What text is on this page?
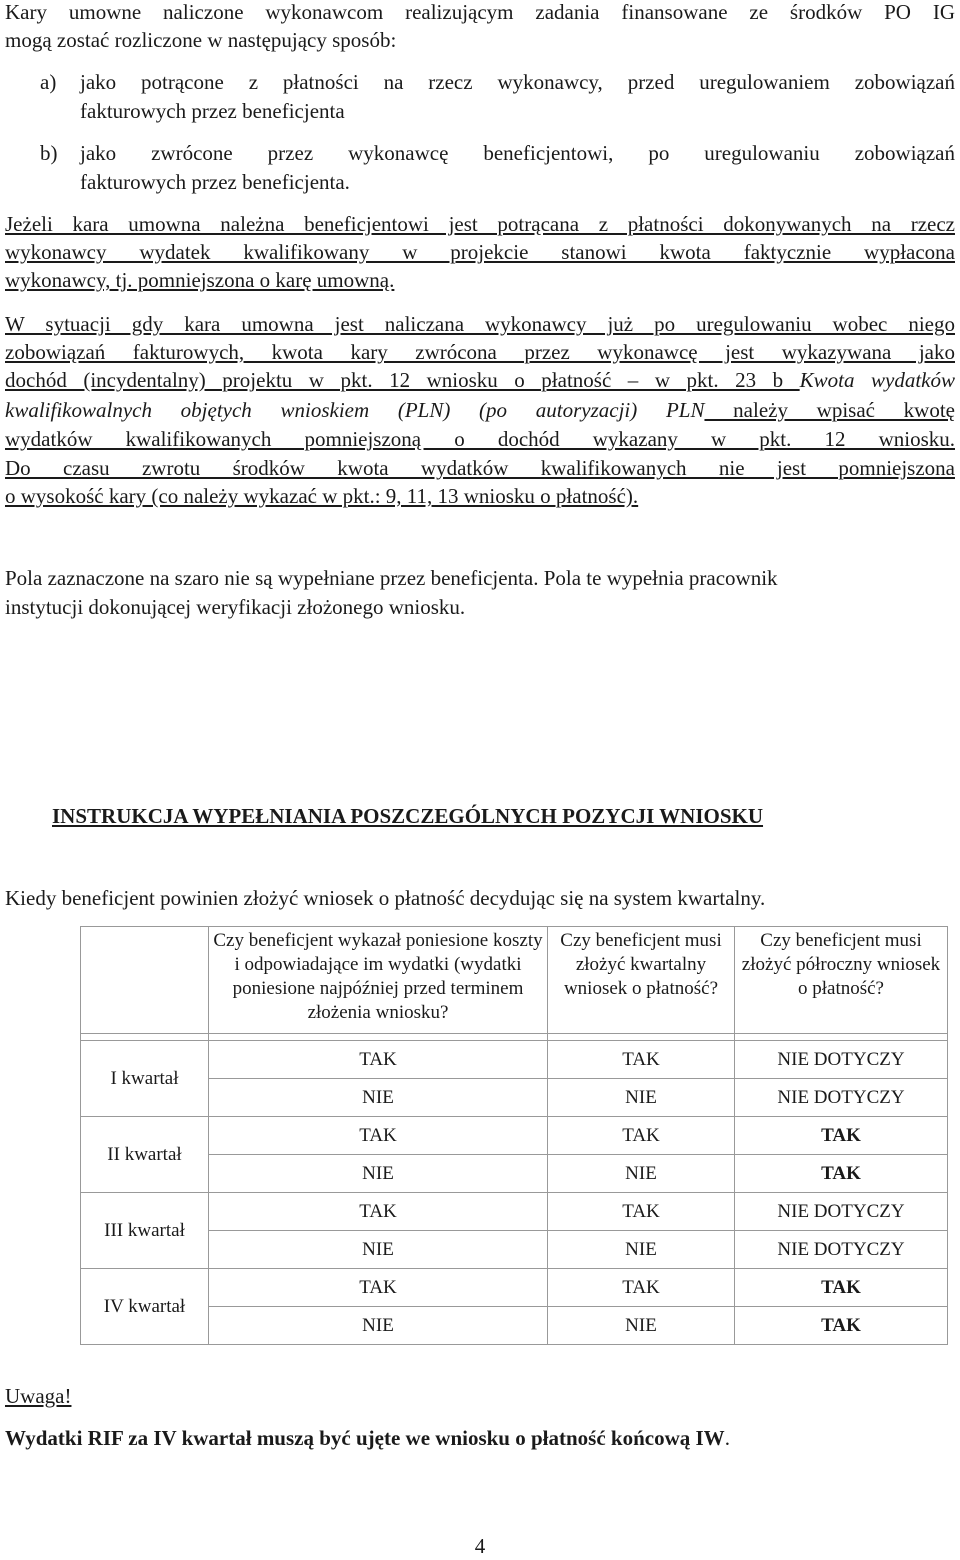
Kary umowne naliczone wykonawcom realizującym zadania finansowane ze środków PO IG
mogą zostać rozliczone w następujący sposób:
a) jako potrącone z płatności na rzecz wykonawcy, przed uregulowaniem zobowiązań
fakturowych przez beneficjenta
b) jako zwrócone przez wykonawcę beneficjentowi, po uregulowaniu zobowiązań
fakturowych przez beneficjenta.
Jeżeli kara umowna należna beneficjentowi jest potrącana z płatności dokonywanych na rzecz
wykonawcy wydatek kwalifikowany w projekcie stanowi kwota faktycznie wypłacona
wykonawcy, tj. pomniejszona o karę umowną.
W sytuacji gdy kara umowna jest naliczana wykonawcy już po uregulowaniu wobec niego
zobowiązań fakturowych, kwota kary zwrócona przez wykonawcę jest wykazywana jako
dochód (incydentalny) projektu w pkt. 12 wniosku o płatność – w pkt. 23 b Kwota wydatków
kwalifikowalnych objętych wnioskiem (PLN) (po autoryzacji) PLN należy wpisać kwotę
wydatków kwalifikowanych pomniejszoną o dochód wykazany w pkt. 12 wniosku.
Do czasu zwrotu środków kwota wydatków kwalifikowanych nie jest pomniejszona
o wysokość kary (co należy wykazać w pkt.: 9, 11, 13 wniosku o płatność).
Pola zaznaczone na szaro nie są wypełniane przez beneficjenta. Pola te wypełnia pracownik
instytucji dokonującej weryfikacji złożonego wniosku.
INSTRUKCJA WYPEŁNIANIA POSZCZEGÓLNYCH POZYCJI WNIOSKU
Kiedy beneficjent powinien złożyć wniosek o płatność decydując się na system kwartalny.
	Czy beneficjent wykazał poniesione koszty i odpowiadające im wydatki (wydatki poniesione najpóźniej przed terminem złożenia wniosku?	Czy beneficjent musi złożyć kwartalny wniosek o płatność?	Czy beneficjent musi złożyć półroczny wniosek o płatność?

I kwartał	TAK	TAK	NIE DOTYCZY
	NIE	NIE	NIE DOTYCZY
II kwartał	TAK	TAK	TAK
	NIE	NIE	TAK
III kwartał	TAK	TAK	NIE DOTYCZY
	NIE	NIE	NIE DOTYCZY
IV kwartał	TAK	TAK	TAK
	NIE	NIE	TAK
Uwaga!
Wydatki RIF za IV kwartał muszą być ujęte we wniosku o płatność końcową IW.
4
